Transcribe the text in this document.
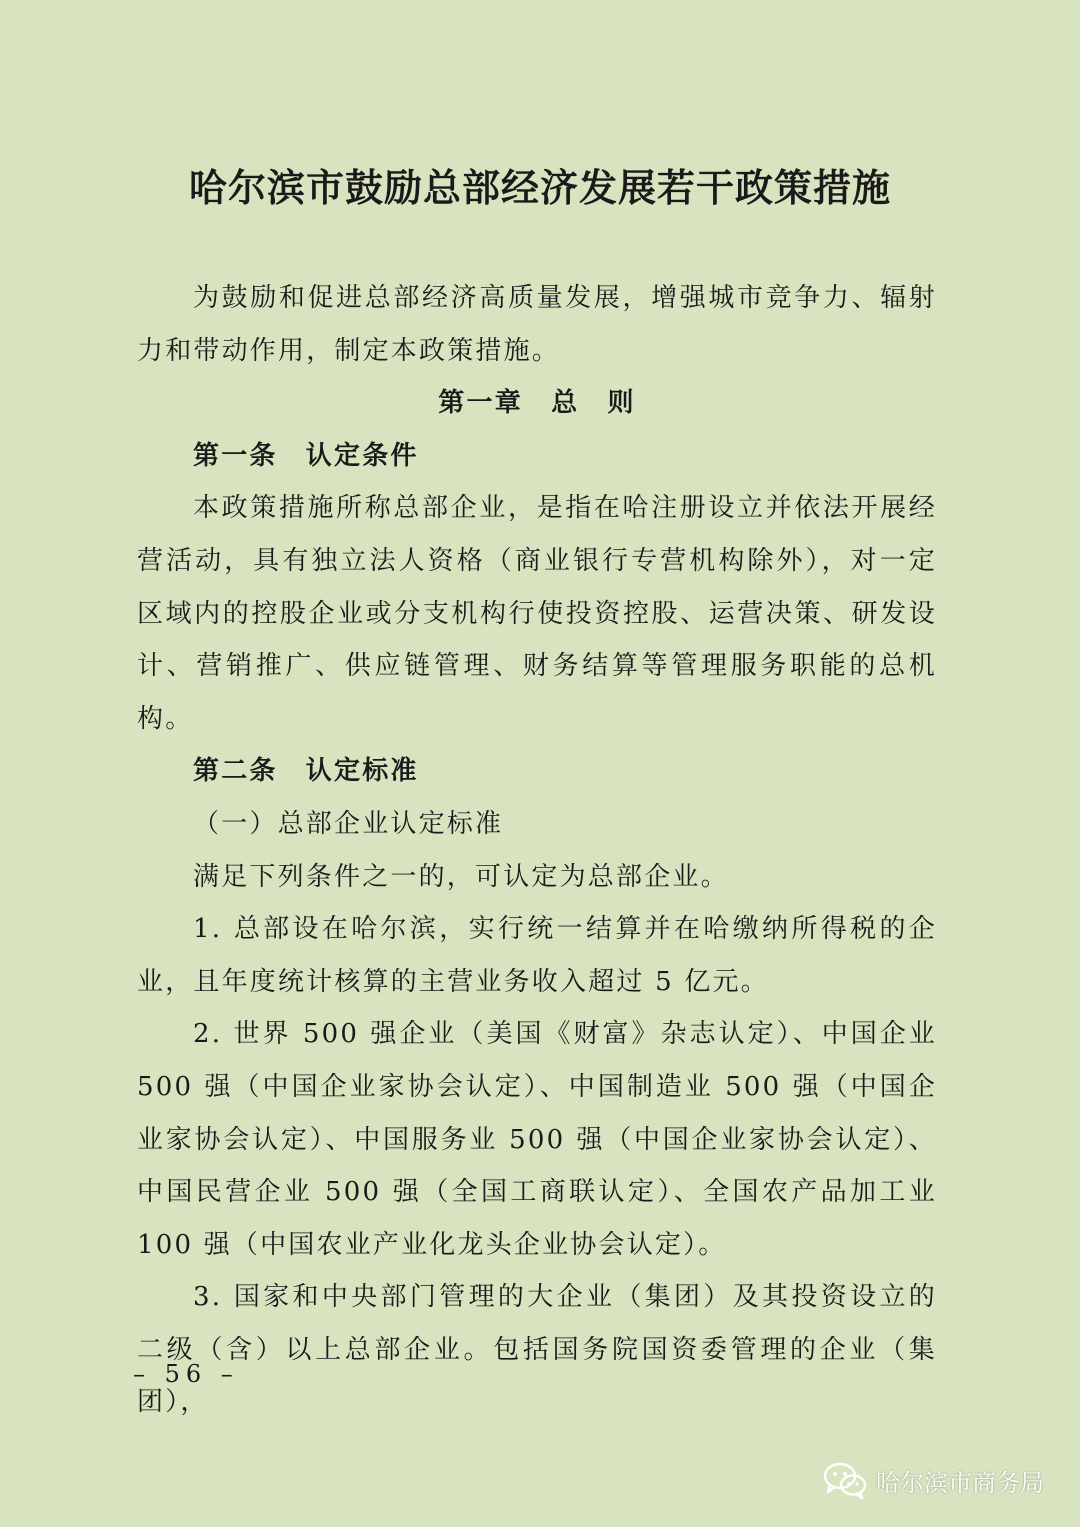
哈尔滨市鼓励总部经济发展若干政策措施

为鼓励和促进总部经济高质量发展，增强城市竞争力、辐射力和带动作用，制定本政策措施。

第一章　总　则

第一条　认定条件

本政策措施所称总部企业，是指在哈注册设立并依法开展经营活动，具有独立法人资格（商业银行专营机构除外），对一定区域内的控股企业或分支机构行使投资控股、运营决策、研发设计、营销推广、供应链管理、财务结算等管理服务职能的总机构。

第二条　认定标准

（一）总部企业认定标准

满足下列条件之一的，可认定为总部企业。

1. 总部设在哈尔滨，实行统一结算并在哈缴纳所得税的企业，且年度统计核算的主营业务收入超过 5 亿元。

2. 世界 500 强企业（美国《财富》杂志认定）、中国企业 500 强（中国企业家协会认定）、中国制造业 500 强（中国企业家协会认定）、中国服务业 500 强（中国企业家协会认定）、中国民营企业 500 强（全国工商联认定）、全国农产品加工业 100 强（中国农业产业化龙头企业协会认定）。

3. 国家和中央部门管理的大企业（集团）及其投资设立的二级（含）以上总部企业。包括国务院国资委管理的企业（集团），

– 56 –
哈尔滨市商务局
